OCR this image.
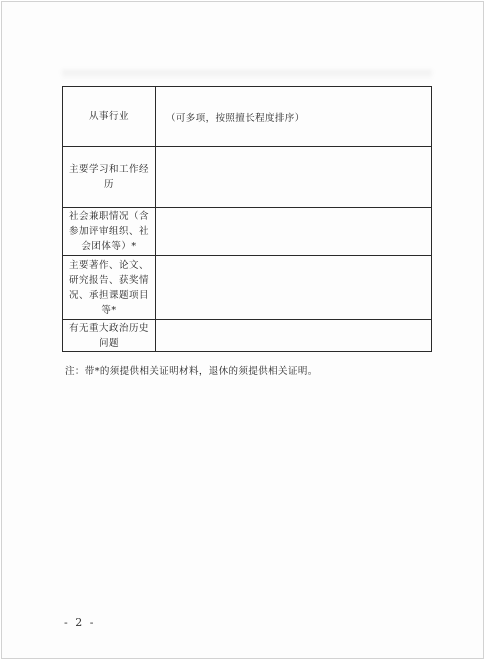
从事行业	（可多项，按照擅长程度排序）
主要学习和工作经历	
社会兼职情况（含参加评审组织、社会团体等）*	
主要著作、论文、研究报告、获奖情况、承担课题项目等*	
有无重大政治历史问题	
注：带*的须提供相关证明材料，退休的须提供相关证明。
- 2 -
